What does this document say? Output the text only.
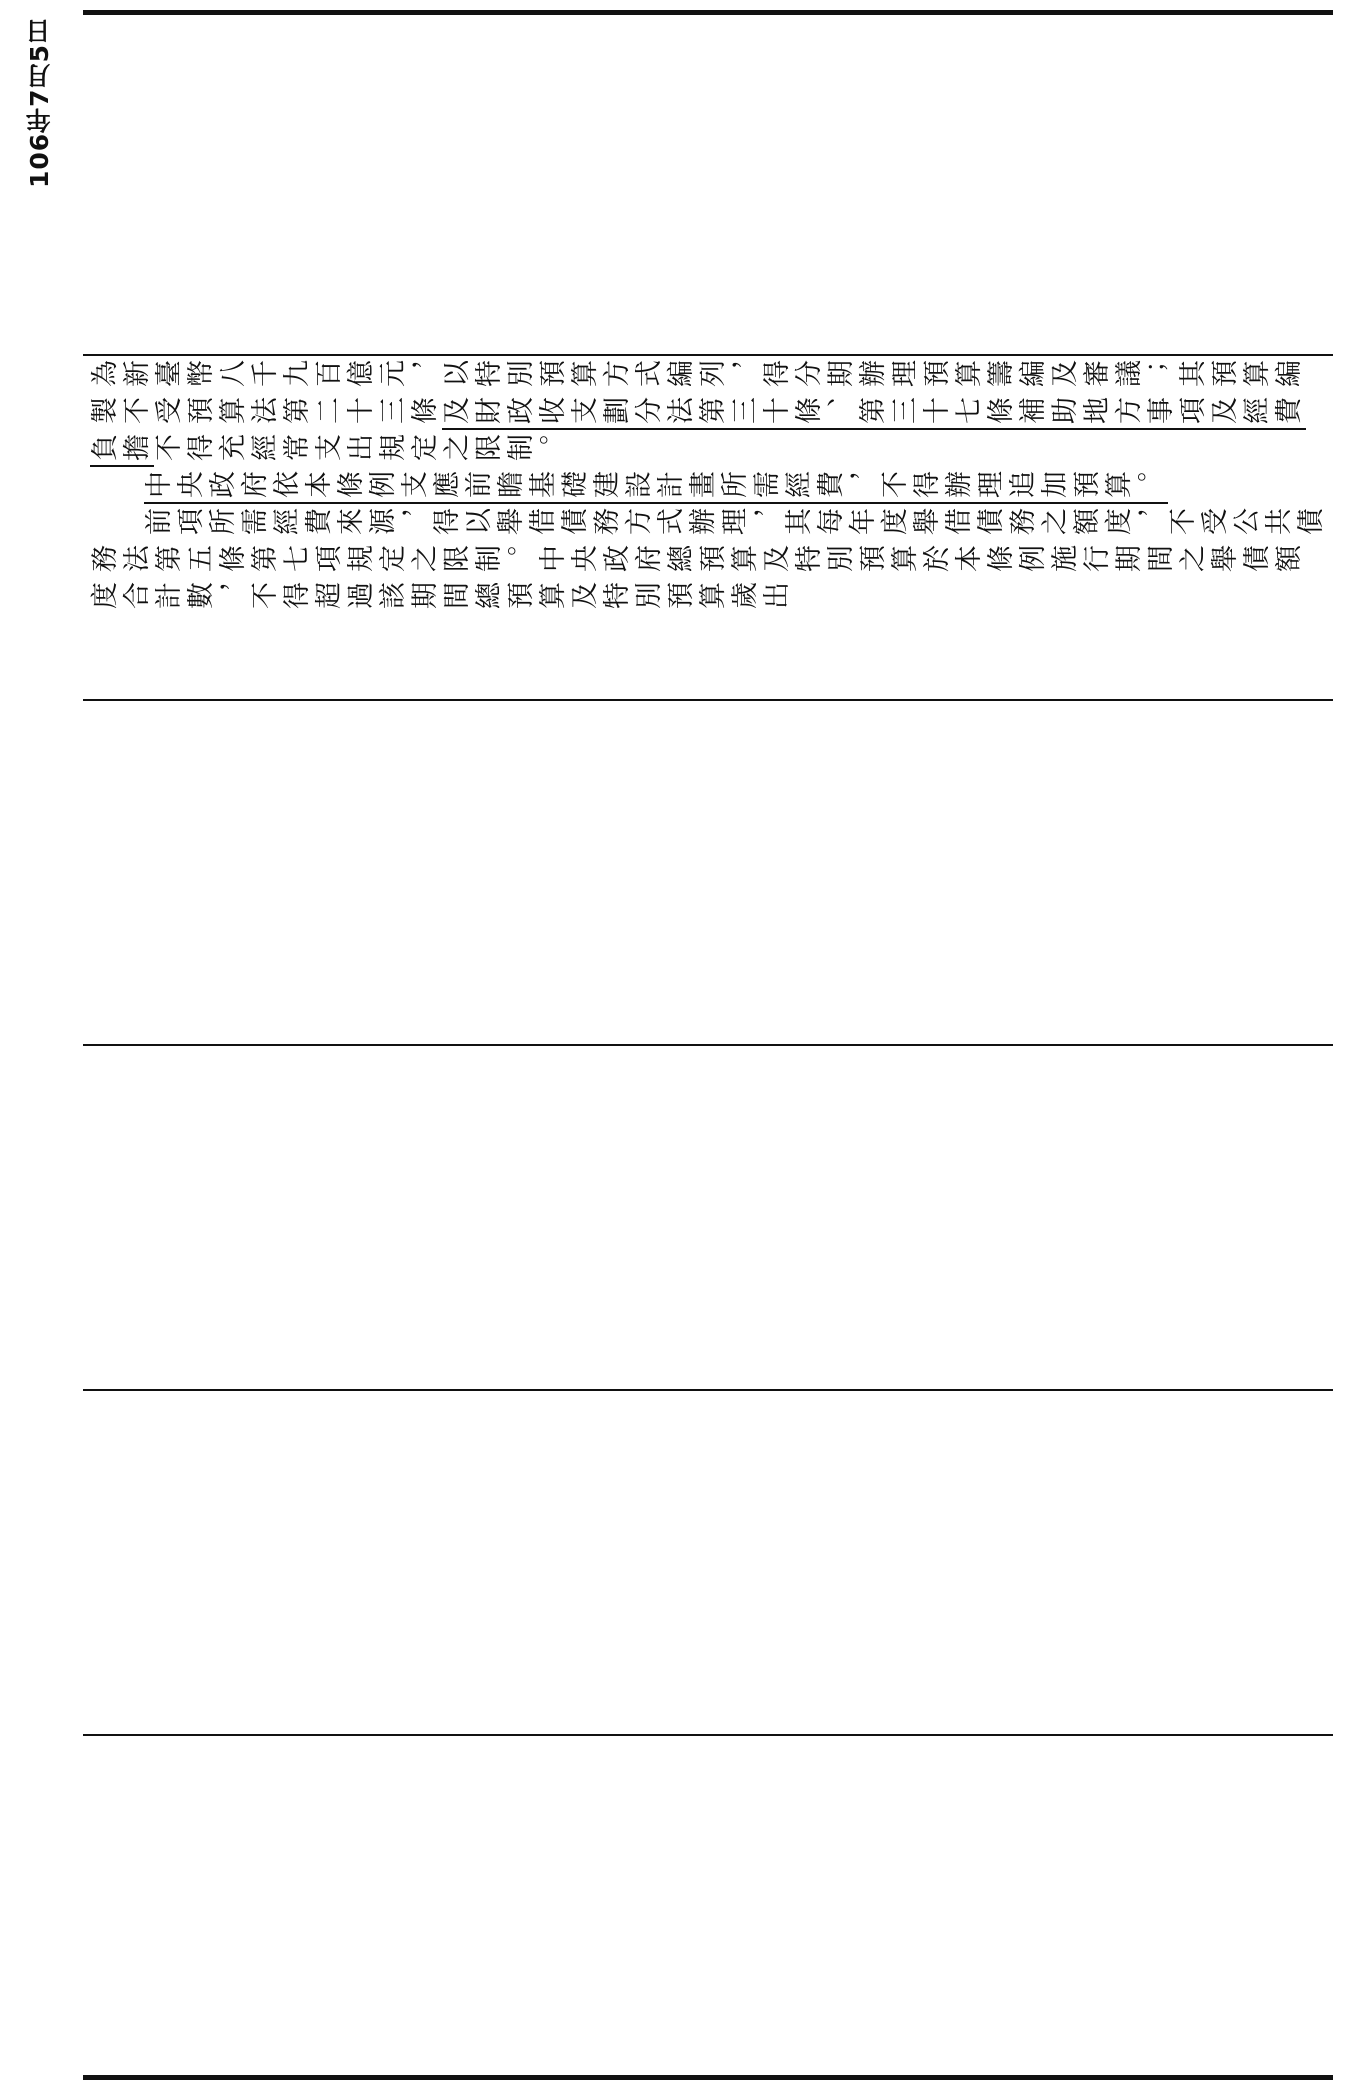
106年7月5日

為新臺幣八千九百億元，以特別預算方式編列，得分期辦理預算籌編及審議；其預算編製不受預算法第二十三條及財政收支劃分法第三十條、第三十七條補助地方事項及經費負擔不得充經常支出規定之限制。

中央政府依本條例支應前瞻基礎建設計畫所需經費，不得辦理追加預算。

前項所需經費來源，得以舉借債務方式辦理，其每年度舉借債務之額度，不受公共債務法第五條第七項規定之限制。中央政府總預算及特別預算於本條例施行期間之舉債額度合計數，不得超過該期間總預算及特別預算歲出
